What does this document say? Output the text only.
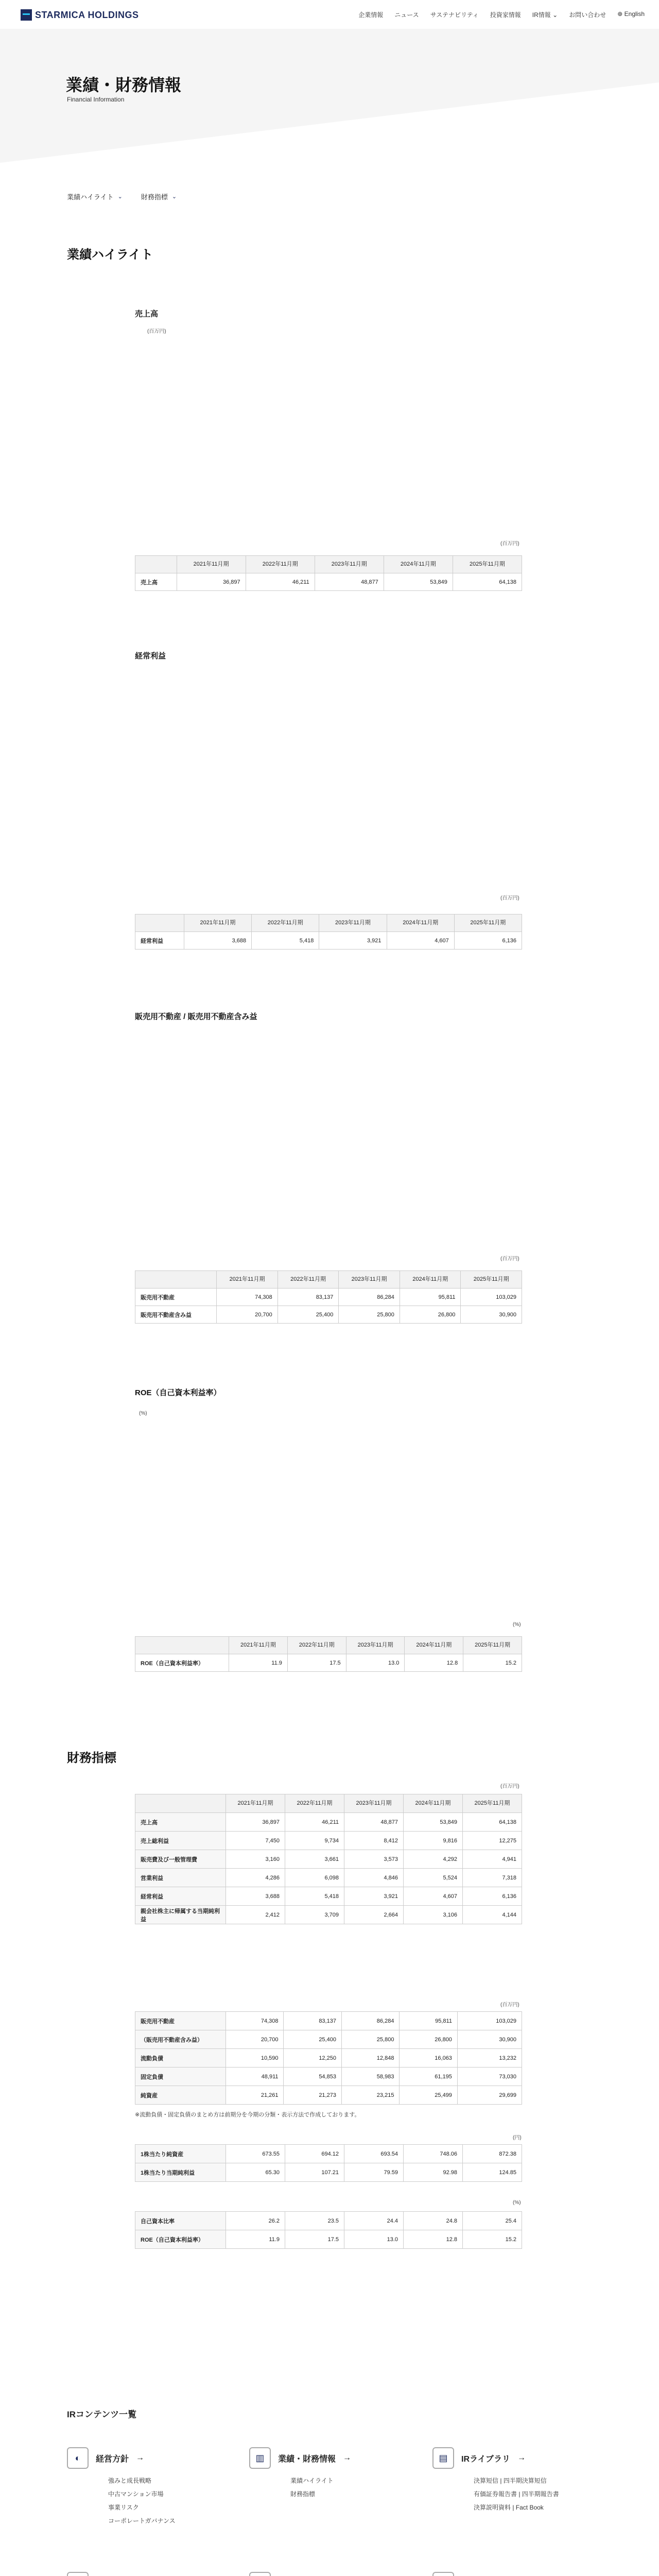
STARMICA HOLDINGS	企業情報 ニュース サステナビリティ 投資家情報 IR情報 ⌄ お問い合わせ ⊕ English
業績・財務情報
Financial Information
業績ハイライト ⌄	財務指標 ⌄
業績ハイライト
売上高
(百万円)
(百万円)
	2021年11月期	2022年11月期	2023年11月期	2024年11月期	2025年11月期
売上高	36,897	46,211	48,877	53,849	64,138
経常利益
(百万円)
	2021年11月期	2022年11月期	2023年11月期	2024年11月期	2025年11月期
経常利益	3,688	5,418	3,921	4,607	6,136
販売用不動産 / 販売用不動産含み益
(百万円)
	2021年11月期	2022年11月期	2023年11月期	2024年11月期	2025年11月期
販売用不動産	74,308	83,137	86,284	95,811	103,029
販売用不動産含み益	20,700	25,400	25,800	26,800	30,900
ROE（自己資本利益率）
(%)
(%)
	2021年11月期	2022年11月期	2023年11月期	2024年11月期	2025年11月期
ROE（自己資本利益率）	11.9	17.5	13.0	12.8	15.2
財務指標
(百万円)
	2021年11月期	2022年11月期	2023年11月期	2024年11月期	2025年11月期
売上高	36,897	46,211	48,877	53,849	64,138
売上総利益	7,450	9,734	8,412	9,816	12,275
販売費及び一般管理費	3,160	3,661	3,573	4,292	4,941
営業利益	4,286	6,098	4,846	5,524	7,318
経常利益	3,688	5,418	3,921	4,607	6,136
親会社株主に帰属する当期純利益	2,412	3,709	2,664	3,106	4,144
(百万円)
販売用不動産	74,308	83,137	86,284	95,811	103,029
（販売用不動産含み益）	20,700	25,400	25,800	26,800	30,900
流動負債	10,590	12,250	12,848	16,063	13,232
固定負債	48,911	54,853	58,983	61,195	73,030
純資産	21,261	21,273	23,215	25,499	29,699
※流動負債・固定負債のまとめ方は前期分を今期の分類・表示方法で作成しております。
(円)
1株当たり純資産	673.55	694.12	693.54	748.06	872.38
1株当たり当期純利益	65.30	107.21	79.59	92.98	124.85
(%)
自己資本比率	26.2	23.5	24.4	24.8	25.4
ROE（自己資本利益率）	11.9	17.5	13.0	12.8	15.2
IRコンテンツ一覧
◐	経営方針 →
強みと成長戦略
中古マンション市場
事業リスク
コーポレートガバナンス
▥	業績・財務情報 →
業績ハイライト
財務指標
▤	IRライブラリ →
決算短信 | 四半期決算短信
有価証券報告書 | 四半期報告書
決算説明資料 | Fact Book
